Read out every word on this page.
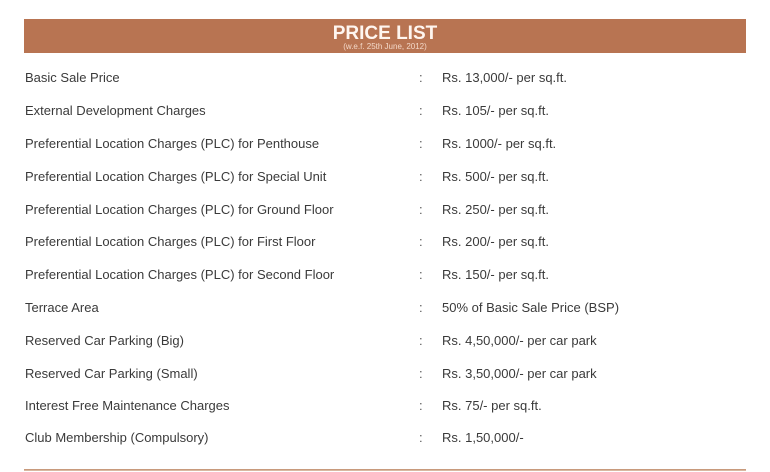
PRICE LIST
(w.e.f. 25th June, 2012)
Basic Sale Price	: Rs. 13,000/- per sq.ft.
External Development Charges	: Rs. 105/- per sq.ft.
Preferential Location Charges (PLC) for Penthouse	: Rs. 1000/- per sq.ft.
Preferential Location Charges (PLC) for Special Unit	: Rs. 500/- per sq.ft.
Preferential Location Charges (PLC) for Ground Floor	: Rs. 250/- per sq.ft.
Preferential Location Charges (PLC) for First Floor	: Rs. 200/- per sq.ft.
Preferential Location Charges (PLC) for Second Floor	: Rs. 150/- per sq.ft.
Terrace Area	: 50% of Basic Sale Price (BSP)
Reserved Car Parking (Big)	: Rs. 4,50,000/- per car park
Reserved Car Parking (Small)	: Rs. 3,50,000/- per car park
Interest Free Maintenance Charges	: Rs. 75/- per sq.ft.
Club Membership (Compulsory)	: Rs. 1,50,000/-
